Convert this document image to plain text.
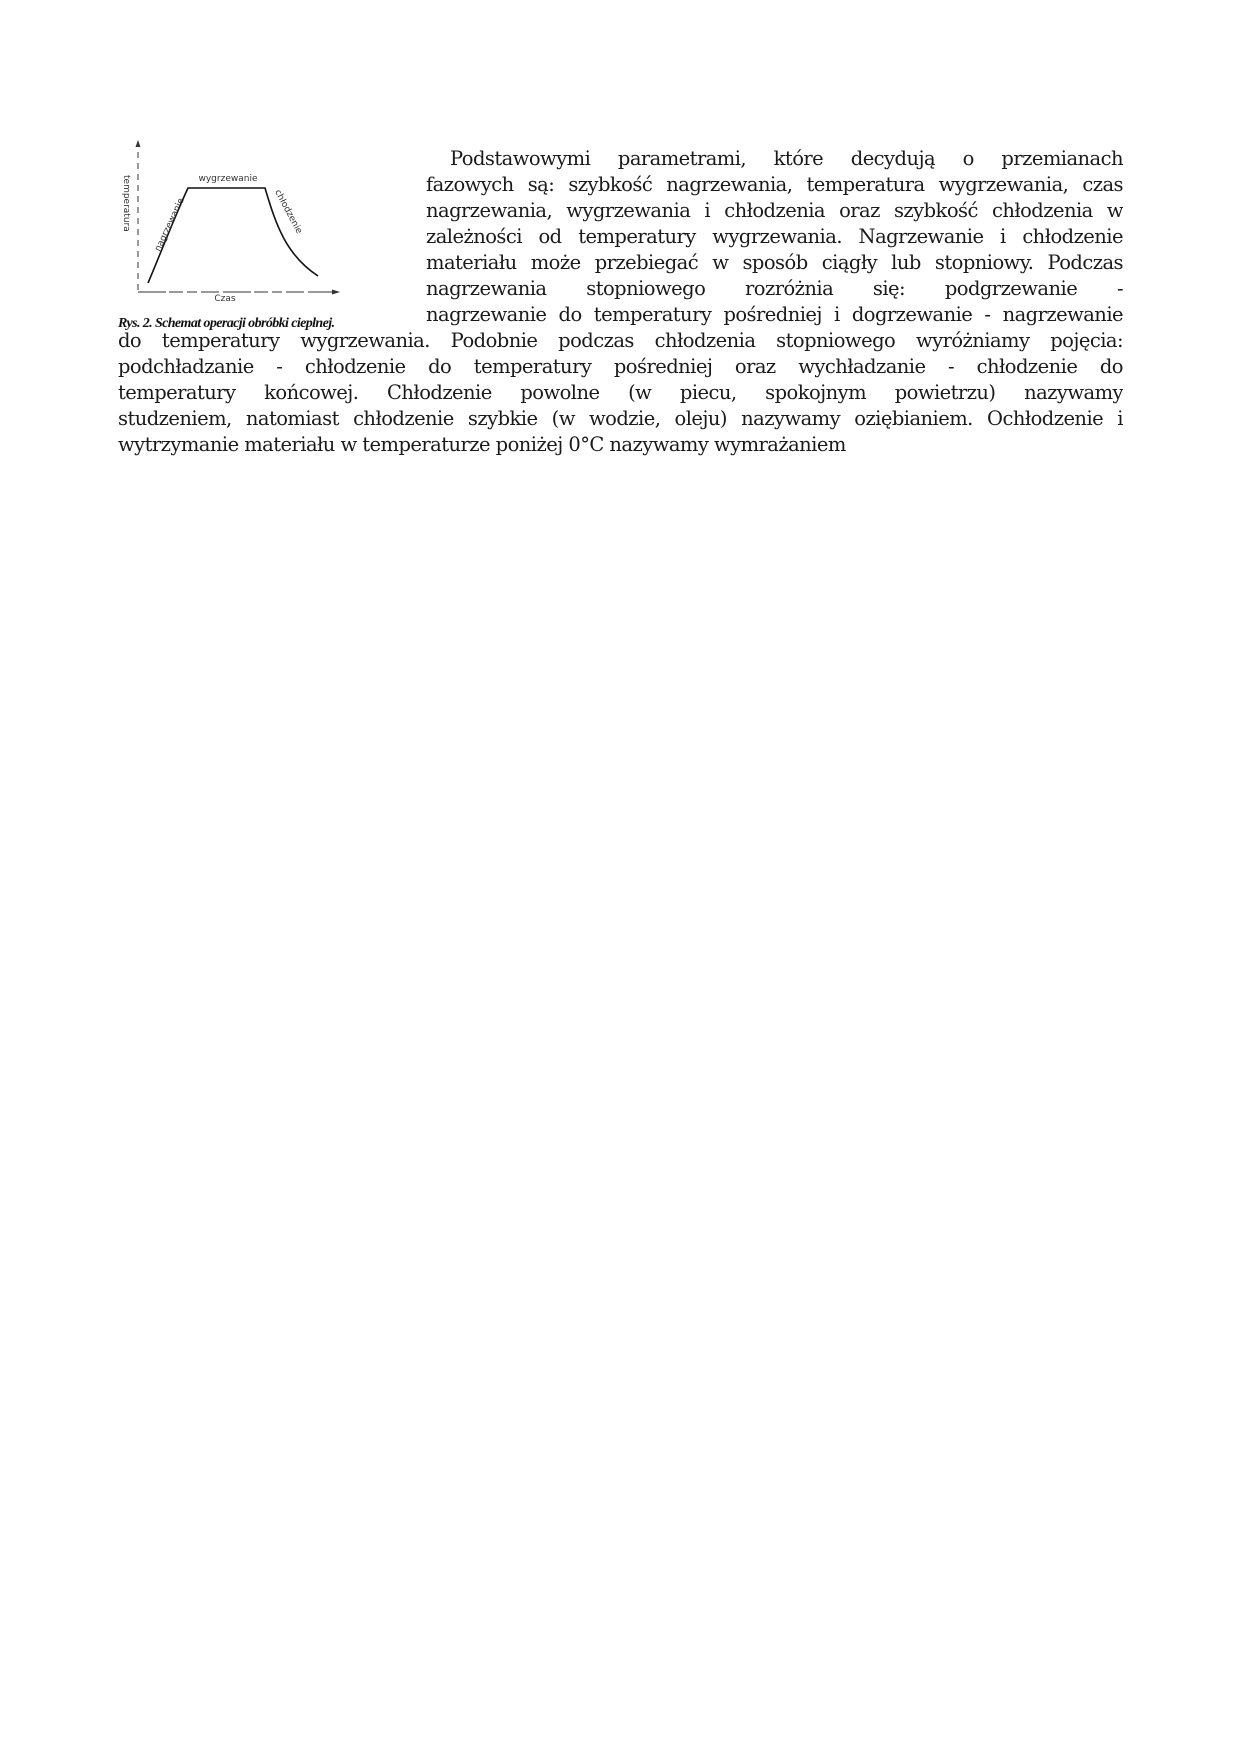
temperatura nagrzewanie
wygrzewanie
chłodzenie
Czas
Rys. 2. Schemat operacji obróbki cieplnej.
Podstawowymi parametrami, które decydują o przemianach
fazowych są: szybkość nagrzewania, temperatura wygrzewania, czas
nagrzewania, wygrzewania i chłodzenia oraz szybkość chłodzenia w
zależności od temperatury wygrzewania. Nagrzewanie i chłodzenie
materiału może przebiegać w sposób ciągły lub stopniowy. Podczas
nagrzewania stopniowego rozróżnia się: podgrzewanie -
nagrzewanie do temperatury pośredniej i dogrzewanie - nagrzewanie
do temperatury wygrzewania. Podobnie podczas chłodzenia stopniowego wyróżniamy pojęcia:
podchładzanie - chłodzenie do temperatury pośredniej oraz wychładzanie - chłodzenie do
temperatury końcowej. Chłodzenie powolne (w piecu, spokojnym powietrzu) nazywamy
studzeniem, natomiast chłodzenie szybkie (w wodzie, oleju) nazywamy oziębianiem. Ochłodzenie i
wytrzymanie materiału w temperaturze poniżej 0°C nazywamy wymrażaniem
